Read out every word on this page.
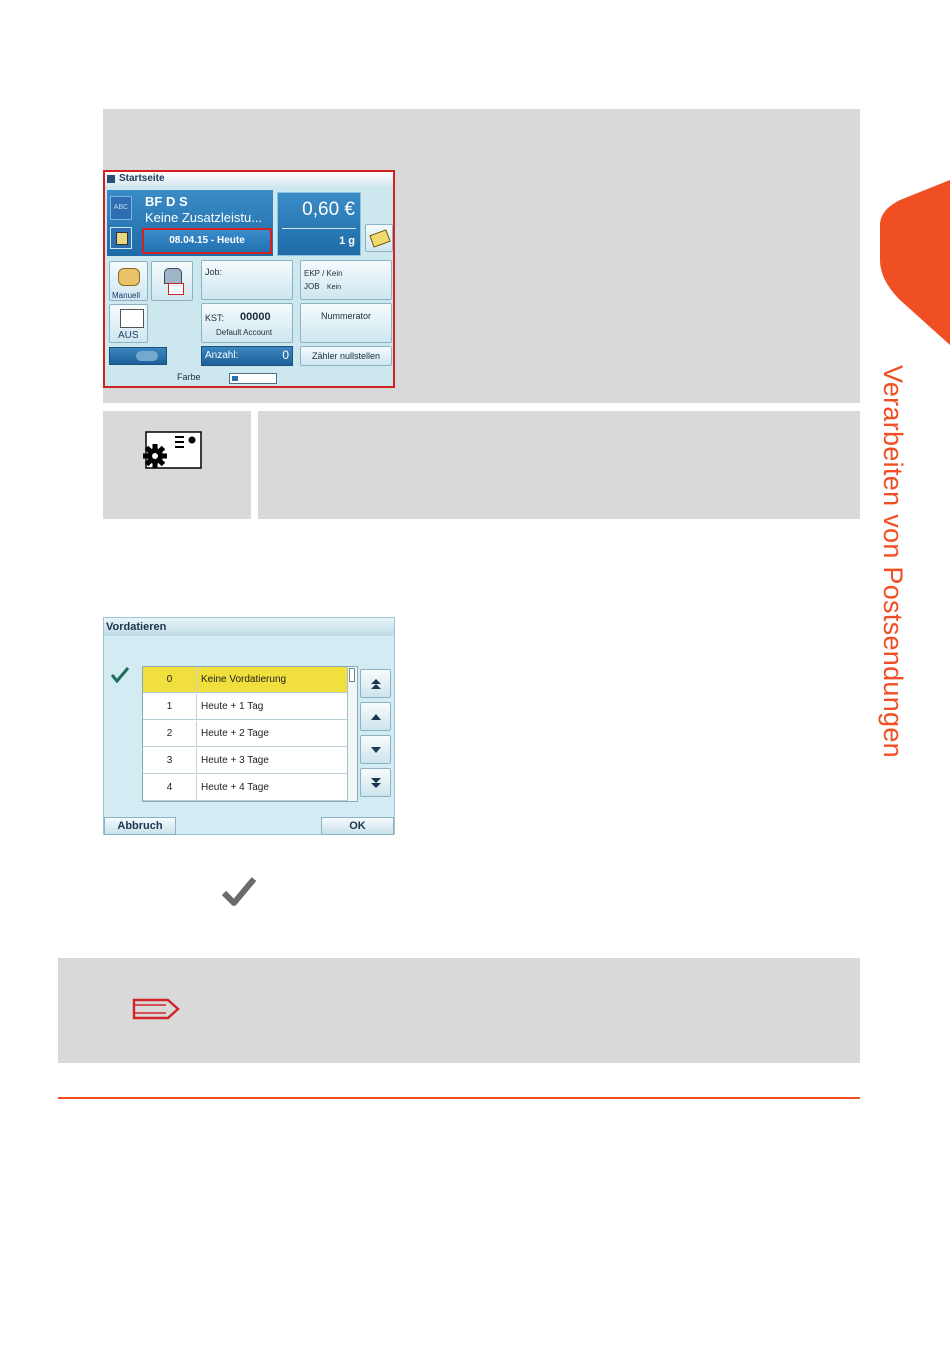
Startseite
ABC BF D S
Keine Zusatzleistu...
08.04.15 - Heute
0,60 €
1 g
Manuell
AUS
Job:
KST: 00000
Default Account
Anzahl:	0
EKP / Kein
JOB Kein
Nummerator
Zähler nullstellen
Farbe
Vordatieren
0	Keine Vordatierung
1	Heute + 1 Tag
2	Heute + 2 Tage
3	Heute + 3 Tage
4	Heute + 4 Tage
Abbruch	OK
Verarbeiten von Postsendungen
